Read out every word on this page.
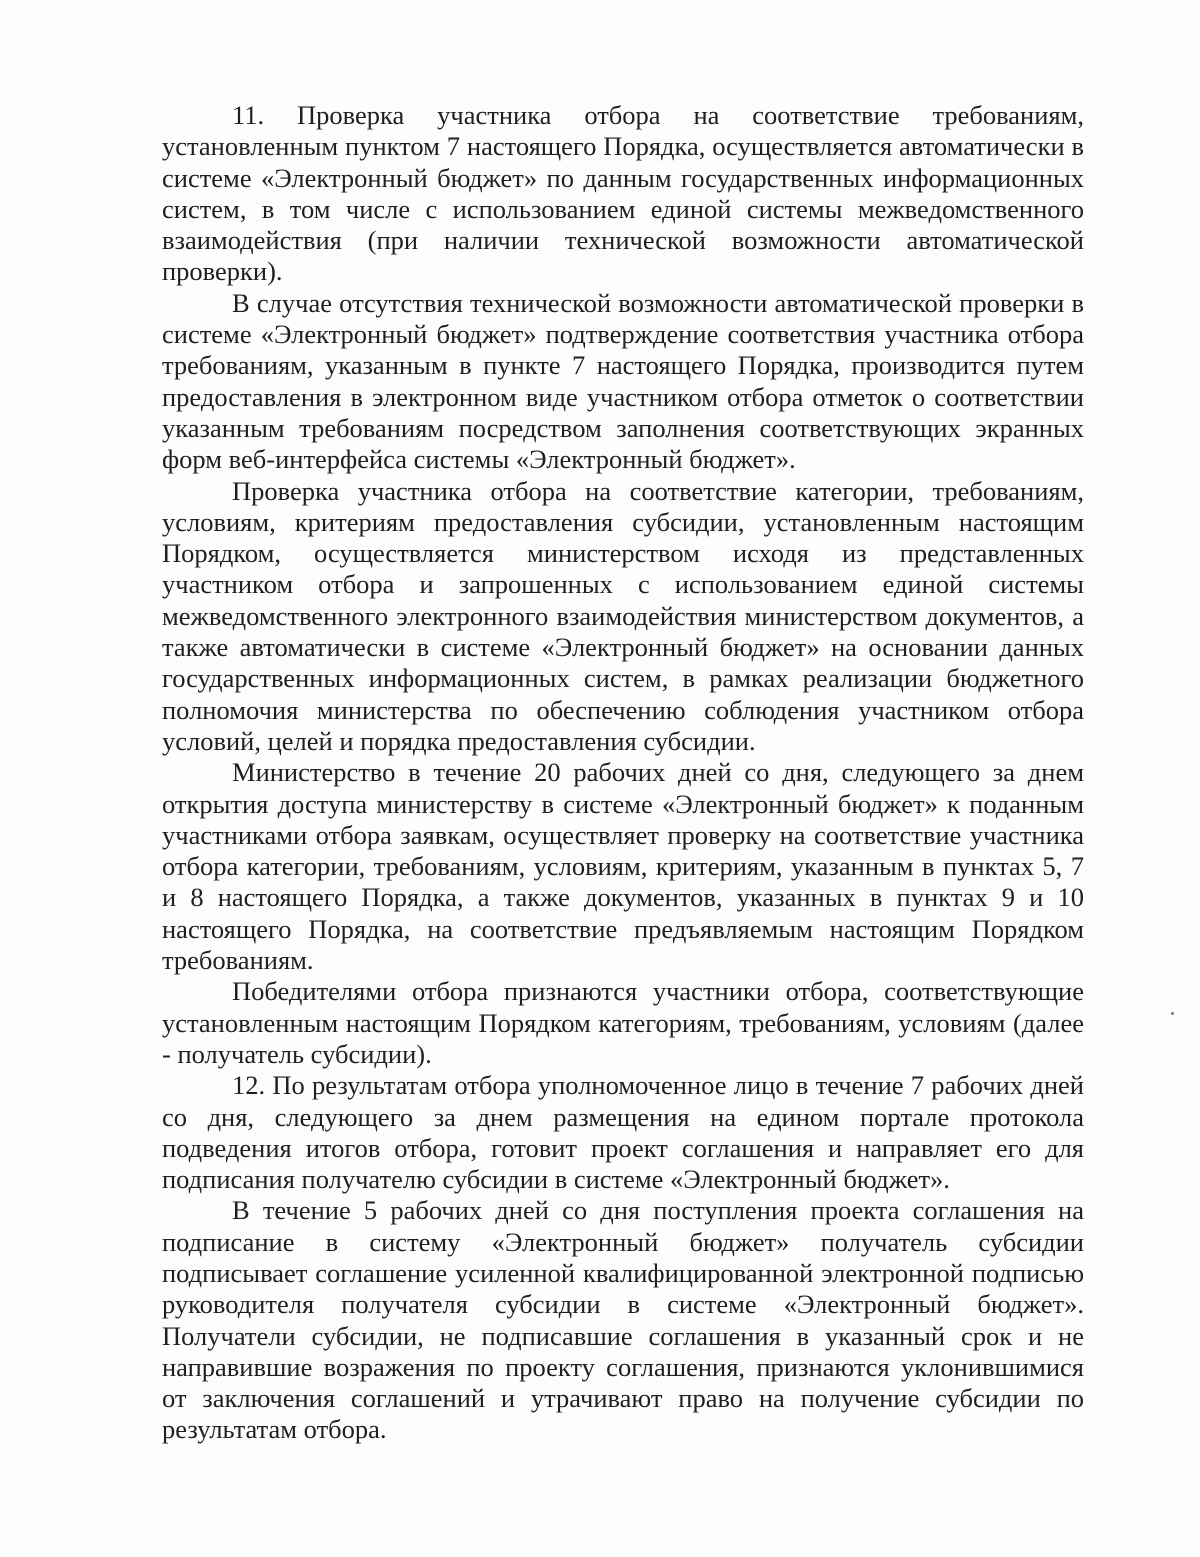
11. Проверка участника отбора на соответствие требованиям, установленным пунктом 7 настоящего Порядка, осуществляется автоматически в системе «Электронный бюджет» по данным государственных информационных систем, в том числе с использованием единой системы межведомственного взаимодействия (при наличии технической возможности автоматической проверки).

В случае отсутствия технической возможности автоматической проверки в системе «Электронный бюджет» подтверждение соответствия участника отбора требованиям, указанным в пункте 7 настоящего Порядка, производится путем предоставления в электронном виде участником отбора отметок о соответствии указанным требованиям посредством заполнения соответствующих экранных форм веб-интерфейса системы «Электронный бюджет».

Проверка участника отбора на соответствие категории, требованиям, условиям, критериям предоставления субсидии, установленным настоящим Порядком, осуществляется министерством исходя из представленных участником отбора и запрошенных с использованием единой системы межведомственного электронного взаимодействия министерством документов, а также автоматически в системе «Электронный бюджет» на основании данных государственных информационных систем, в рамках реализации бюджетного полномочия министерства по обеспечению соблюдения участником отбора условий, целей и порядка предоставления субсидии.

Министерство в течение 20 рабочих дней со дня, следующего за днем открытия доступа министерству в системе «Электронный бюджет» к поданным участниками отбора заявкам, осуществляет проверку на соответствие участника отбора категории, требованиям, условиям, критериям, указанным в пунктах 5, 7 и 8 настоящего Порядка, а также документов, указанных в пунктах 9 и 10 настоящего Порядка, на соответствие предъявляемым настоящим Порядком требованиям.

Победителями отбора признаются участники отбора, соответствующие установленным настоящим Порядком категориям, требованиям, условиям (далее - получатель субсидии).

12. По результатам отбора уполномоченное лицо в течение 7 рабочих дней со дня, следующего за днем размещения на едином портале протокола подведения итогов отбора, готовит проект соглашения и направляет его для подписания получателю субсидии в системе «Электронный бюджет».

В течение 5 рабочих дней со дня поступления проекта соглашения на подписание в систему «Электронный бюджет» получатель субсидии подписывает соглашение усиленной квалифицированной электронной подписью руководителя получателя субсидии в системе «Электронный бюджет». Получатели субсидии, не подписавшие соглашения в указанный срок и не направившие возражения по проекту соглашения, признаются уклонившимися от заключения соглашений и утрачивают право на получение субсидии по результатам отбора.
